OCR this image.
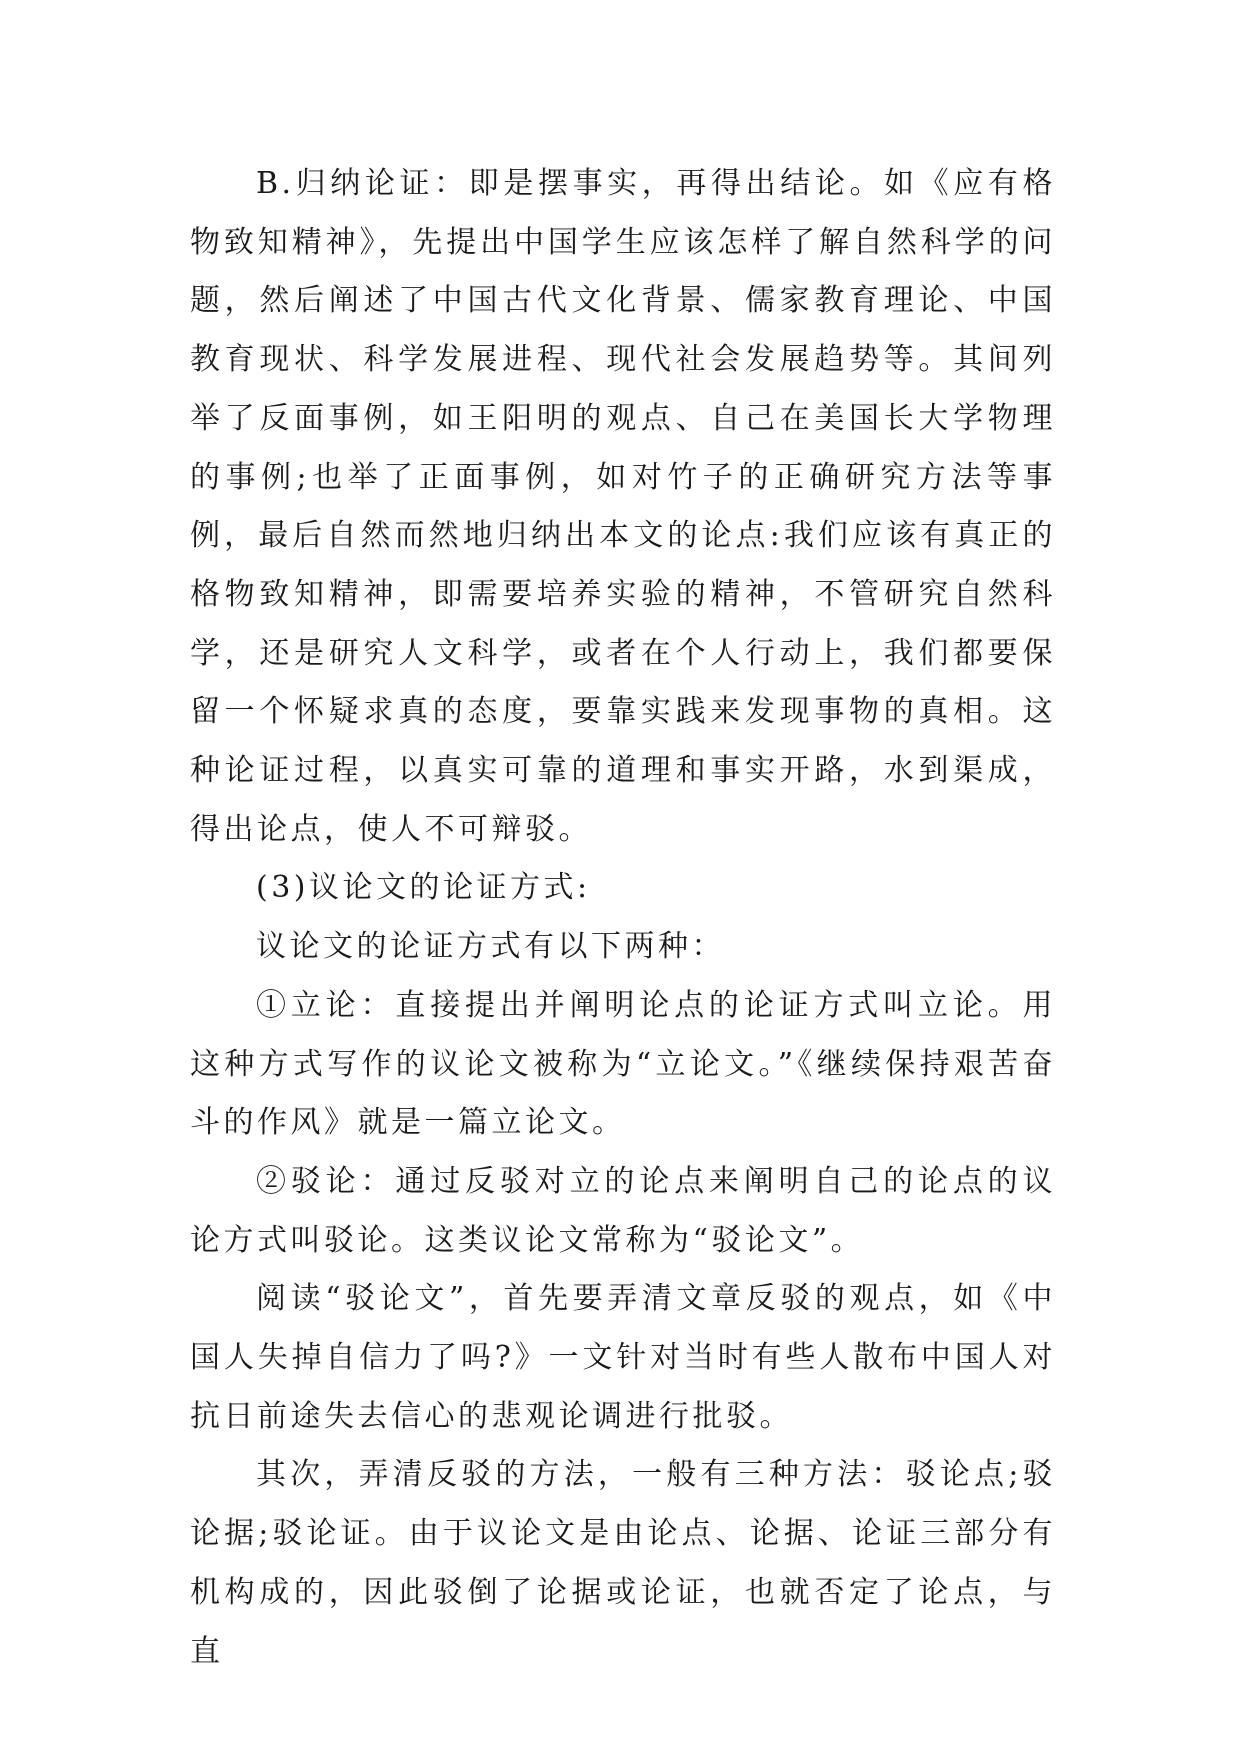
B.归纳论证：即是摆事实，再得出结论。如《应有格物致知精神》，先提出中国学生应该怎样了解自然科学的问题，然后阐述了中国古代文化背景、儒家教育理论、中国教育现状、科学发展进程、现代社会发展趋势等。其间列举了反面事例，如王阳明的观点、自己在美国长大学物理的事例;也举了正面事例，如对竹子的正确研究方法等事例，最后自然而然地归纳出本文的论点:我们应该有真正的格物致知精神，即需要培养实验的精神，不管研究自然科学，还是研究人文科学，或者在个人行动上，我们都要保留一个怀疑求真的态度，要靠实践来发现事物的真相。这种论证过程，以真实可靠的道理和事实开路，水到渠成，得出论点，使人不可辩驳。

(3)议论文的论证方式:

议论文的论证方式有以下两种：

①立论：直接提出并阐明论点的论证方式叫立论。用这种方式写作的议论文被称为“立论文。”《继续保持艰苦奋斗的作风》就是一篇立论文。

②驳论：通过反驳对立的论点来阐明自己的论点的议论方式叫驳论。这类议论文常称为“驳论文”。

阅读“驳论文”，首先要弄清文章反驳的观点，如《中国人失掉自信力了吗?》一文针对当时有些人散布中国人对抗日前途失去信心的悲观论调进行批驳。

其次，弄清反驳的方法，一般有三种方法：驳论点;驳论据;驳论证。由于议论文是由论点、论据、论证三部分有机构成的，因此驳倒了论据或论证，也就否定了论点，与直
